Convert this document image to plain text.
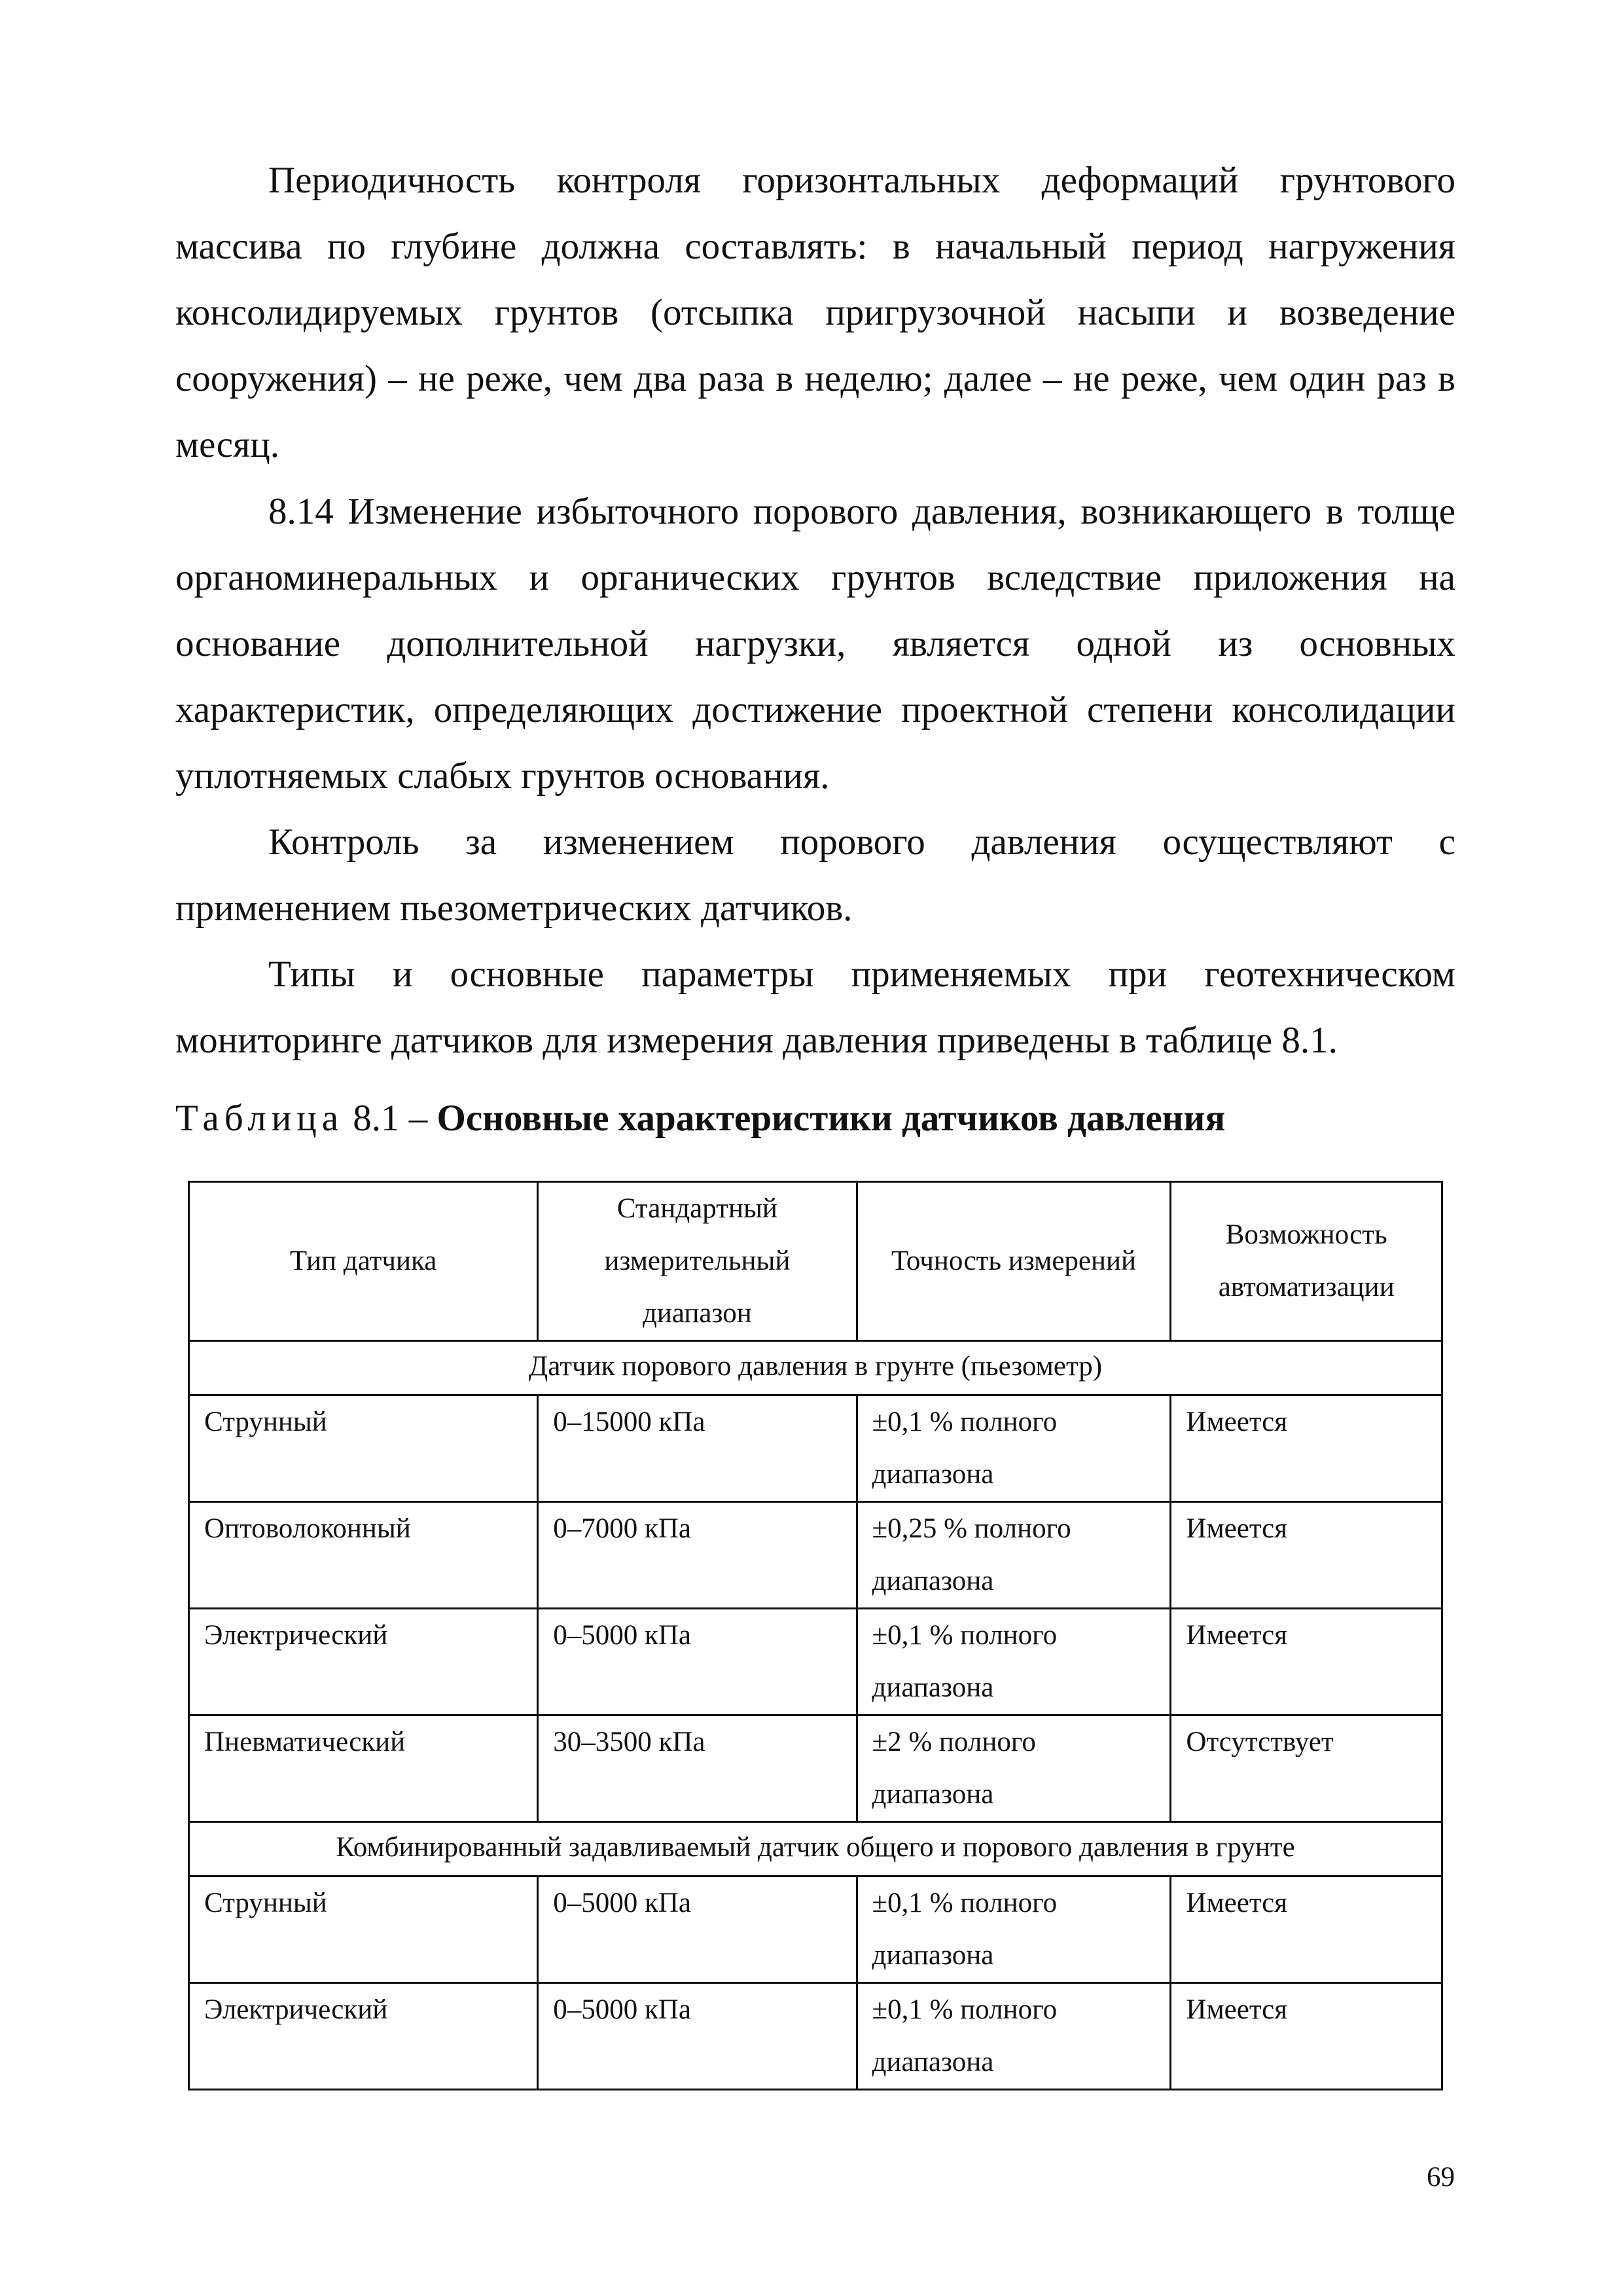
Периодичность контроля горизонтальных деформаций грунтового массива по глубине должна составлять: в начальный период нагружения консолидируемых грунтов (отсыпка пригрузочной насыпи и возведение сооружения) – не реже, чем два раза в неделю; далее – не реже, чем один раз в месяц.

8.14 Изменение избыточного порового давления, возникающего в толще органоминеральных и органических грунтов вследствие приложения на основание дополнительной нагрузки, является одной из основных характеристик, определяющих достижение проектной степени консолидации уплотняемых слабых грунтов основания.

Контроль за изменением порового давления осуществляют с применением пьезометрических датчиков.

Типы и основные параметры применяемых при геотехническом мониторинге датчиков для измерения давления приведены в таблице 8.1.

Таблица 8.1 – Основные характеристики датчиков давления

Тип датчика	Стандартный измерительный диапазон	Точность измерений	Возможность автоматизации
Датчик порового давления в грунте (пьезометр)			
Струнный	0–15000 кПа	±0,1 % полного диапазона	Имеется
Оптоволоконный	0–7000 кПа	±0,25 % полного диапазона	Имеется
Электрический	0–5000 кПа	±0,1 % полного диапазона	Имеется
Пневматический	30–3500 кПа	±2 % полного диапазона	Отсутствует
Комбинированный задавливаемый датчик общего и порового давления в грунте			
Струнный	0–5000 кПа	±0,1 % полного диапазона	Имеется
Электрический	0–5000 кПа	±0,1 % полного диапазона	Имеется
69
